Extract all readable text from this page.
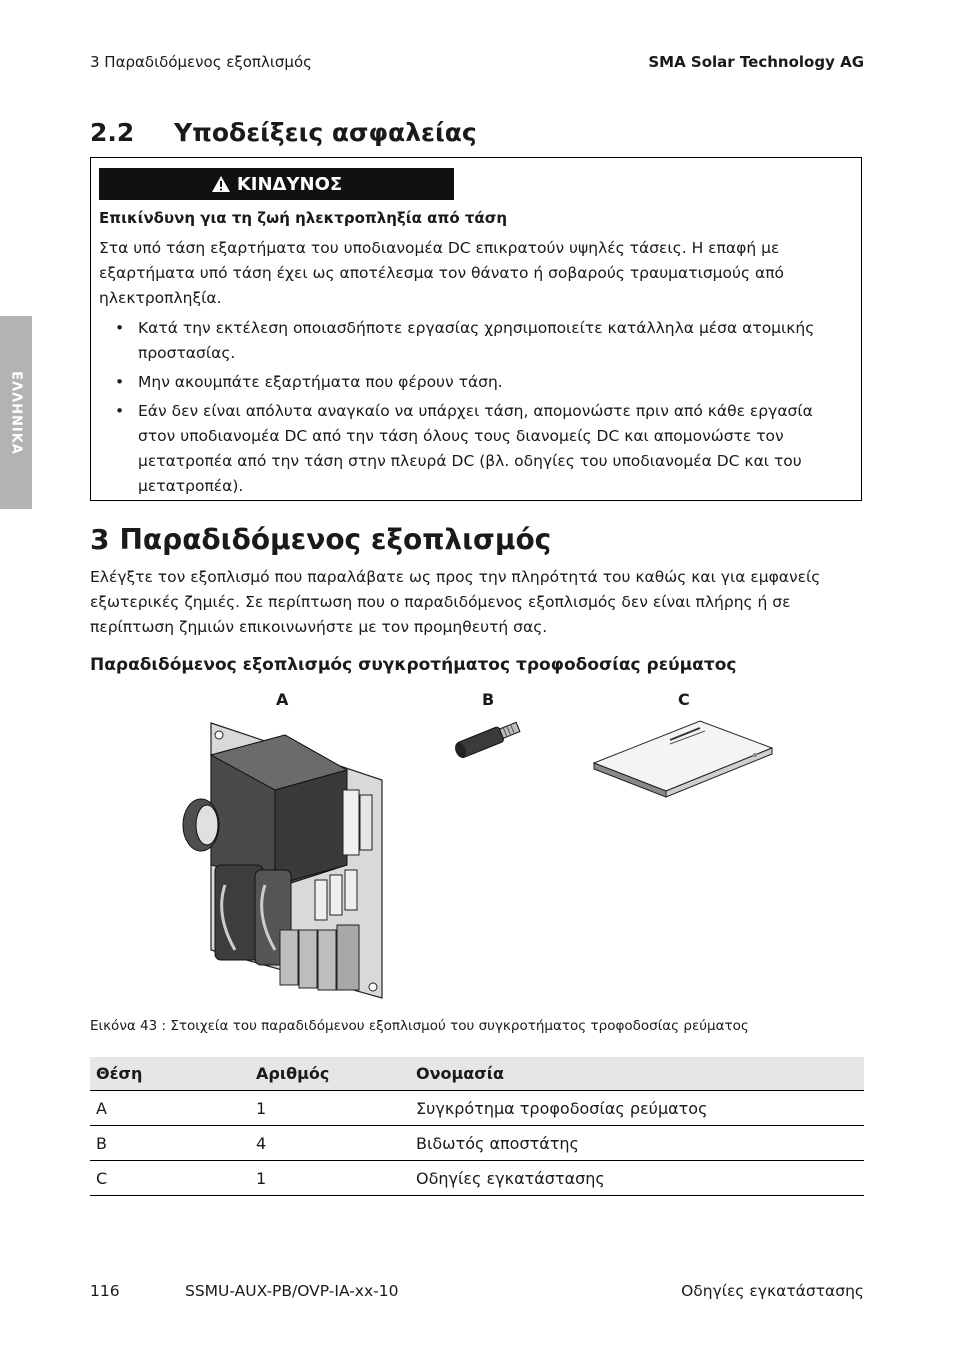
3 Παραδιδόμενος εξοπλισμός	SMA Solar Technology AG
ΕΛΛΗΝΙΚΑ
2.2 Υποδείξεις ασφαλείας
ΚΙΝΔΥΝΟΣ
Επικίνδυνη για τη ζωή ηλεκτροπληξία από τάση
Στα υπό τάση εξαρτήματα του υποδιανομέα DC επικρατούν υψηλές τάσεις. Η επαφή με εξαρτήματα υπό τάση έχει ως αποτέλεσμα τον θάνατο ή σοβαρούς τραυματισμούς από ηλεκτροπληξία.
• Κατά την εκτέλεση οποιασδήποτε εργασίας χρησιμοποιείτε κατάλληλα μέσα ατομικής προστασίας.
• Μην ακουμπάτε εξαρτήματα που φέρουν τάση.
• Εάν δεν είναι απόλυτα αναγκαίο να υπάρχει τάση, απομονώστε πριν από κάθε εργασία στον υποδιανομέα DC από την τάση όλους τους διανομείς DC και απομονώστε τον μετατροπέα από την τάση στην πλευρά DC (βλ. οδηγίες του υποδιανομέα DC και του μετατροπέα).
3 Παραδιδόμενος εξοπλισμός
Ελέγξτε τον εξοπλισμό που παραλάβατε ως προς την πληρότητά του καθώς και για εμφανείς εξωτερικές ζημιές. Σε περίπτωση που ο παραδιδόμενος εξοπλισμός δεν είναι πλήρης ή σε περίπτωση ζημιών επικοινωνήστε με τον προμηθευτή σας.
Παραδιδόμενος εξοπλισμός συγκροτήματος τροφοδοσίας ρεύματος
A	B	C
Εικόνα 43 : Στοιχεία του παραδιδόμενου εξοπλισμού του συγκροτήματος τροφοδοσίας ρεύματος
Θέση	Αριθμός	Ονομασία
A	1	Συγκρότημα τροφοδοσίας ρεύματος
B	4	Βιδωτός αποστάτης
C	1	Οδηγίες εγκατάστασης
116	SSMU-AUX-PB/OVP-IA-xx-10	Οδηγίες εγκατάστασης
